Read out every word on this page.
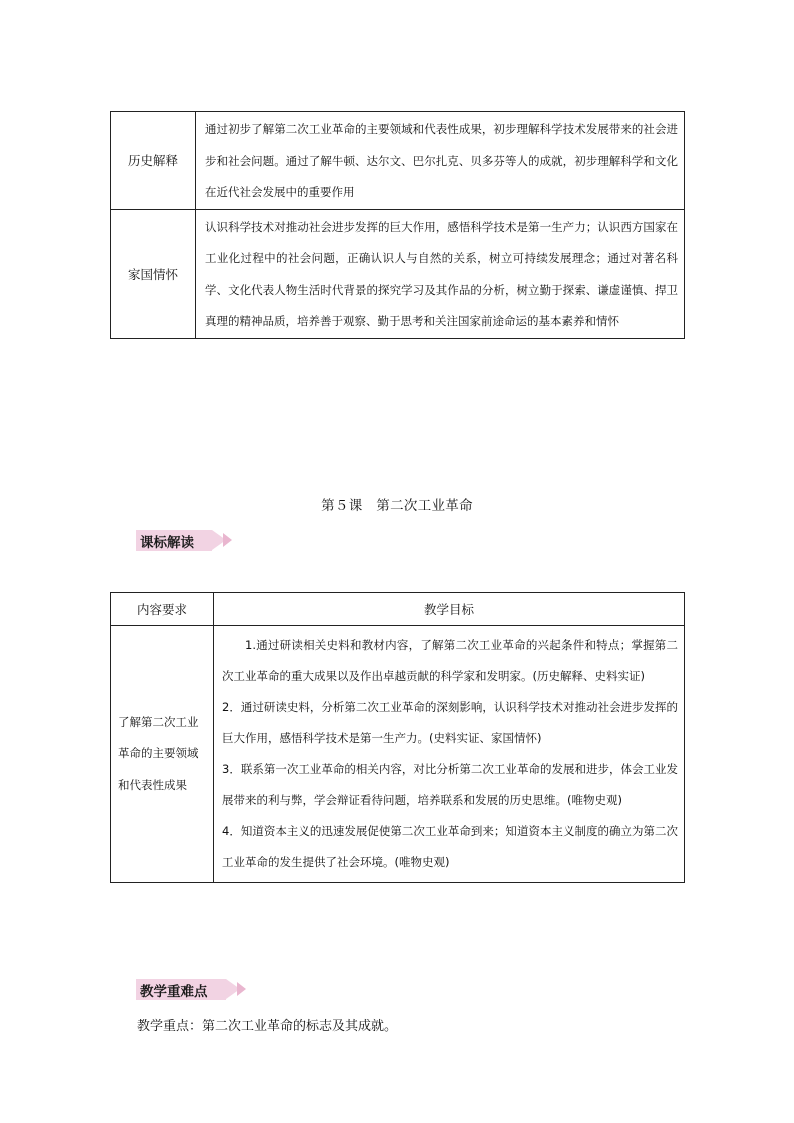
历史解释	通过初步了解第二次工业革命的主要领域和代表性成果，初步理解科学技术发展带来的社会进步和社会问题。通过了解牛顿、达尔文、巴尔扎克、贝多芬等人的成就，初步理解科学和文化在近代社会发展中的重要作用
家国情怀	认识科学技术对推动社会进步发挥的巨大作用，感悟科学技术是第一生产力；认识西方国家在工业化过程中的社会问题，正确认识人与自然的关系，树立可持续发展理念；通过对著名科学、文化代表人物生活时代背景的探究学习及其作品的分析，树立勤于探索、谦虚谨慎、捍卫真理的精神品质，培养善于观察、勤于思考和关注国家前途命运的基本素养和情怀
第５课　第二次工业革命
课标解读
内容要求	教学目标
了解第二次工业革命的主要领域和代表性成果	1.通过研读相关史料和教材内容，了解第二次工业革命的兴起条件和特点；掌握第二次工业革命的重大成果以及作出卓越贡献的科学家和发明家。(历史解释、史料实证)

2．通过研读史料，分析第二次工业革命的深刻影响，认识科学技术对推动社会进步发挥的巨大作用，感悟科学技术是第一生产力。(史料实证、家国情怀)

3．联系第一次工业革命的相关内容，对比分析第二次工业革命的发展和进步，体会工业发展带来的利与弊，学会辩证看待问题，培养联系和发展的历史思维。(唯物史观)

4．知道资本主义的迅速发展促使第二次工业革命到来；知道资本主义制度的确立为第二次工业革命的发生提供了社会环境。(唯物史观)

教学重难点
教学重点：第二次工业革命的标志及其成就。
